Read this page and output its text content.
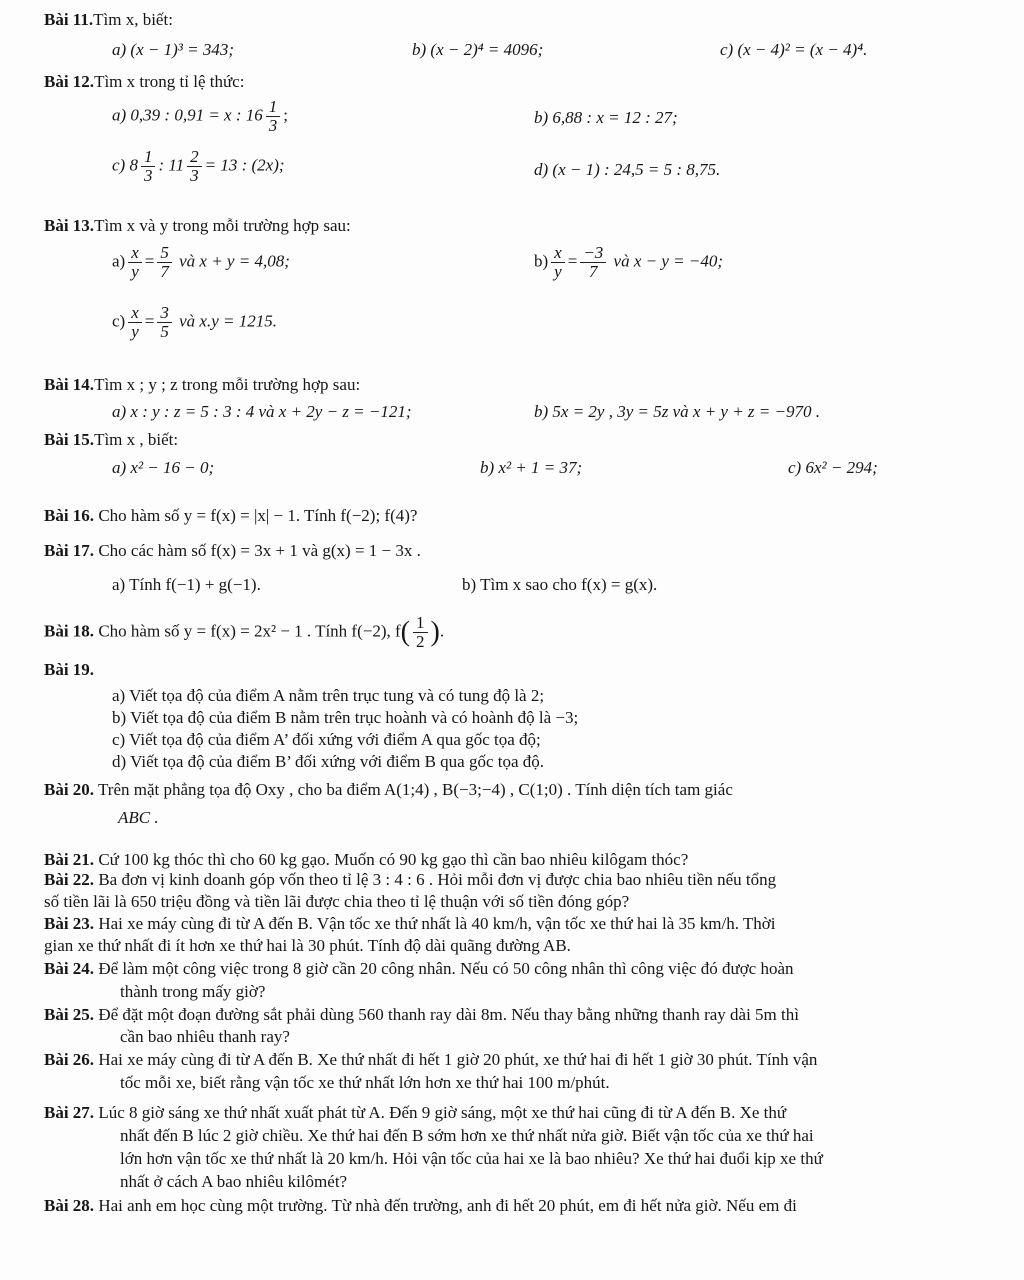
Bài 11.Tìm x, biết:
a) (x − 1)³ = 343;	b) (x − 2)⁴ = 4096;	c) (x − 4)² = (x − 4)⁴.
Bài 12.Tìm x trong tỉ lệ thức:
a) 0,39 : 0,91 = x : $16 \frac{1}{3}$ ;	b) 6,88 : x = 12 : 27;
c) $8 \frac{1}{3}$ : $11 \frac{2}{3} = 13$ : (2x);	d) (x − 1) : 24,5 = 5 : 8,75.
Bài 13.Tìm x và y trong mỗi trường hợp sau:
$a) \frac{x}{y} = \frac{5}{7}$ và x + y = 4,08;	$b) \frac{x}{y} = \frac{-3}{7}$ và x − y = −40;
$c) \frac{x}{y} = \frac{3}{5}$ và x.y = 1215.
Bài 14.Tìm x ; y ; z trong mỗi trường hợp sau:
a) x : y : z = 5 : 3 : 4 và x + 2y − z = −121;	b) 5x = 2y , 3y = 5z và x + y + z = −970 .
Bài 15.Tìm x , biết:
a) x² − 16 − 0;	b) x² + 1 = 37;	c) 6x² − 294;
Bài 16. Cho hàm số y = f(x) = |x| − 1. Tính f(−2); f(4)?
Bài 17. Cho các hàm số f(x) = 3x + 1 và g(x) = 1 − 3x .
a) Tính f(−1) + g(−1).	b) Tìm x sao cho f(x) = g(x).
Bài 18. Cho hàm số y = f(x) = 2x² − 1 . Tính f(−2), $f( \frac{1}{2}$ ).
Bài 19.
a) Viết tọa độ của điểm A nằm trên trục tung và có tung độ là 2;
b) Viết tọa độ của điểm B nằm trên trục hoành và có hoành độ là −3;
c) Viết tọa độ của điểm A’ đối xứng với điểm A qua gốc tọa độ;
d) Viết tọa độ của điểm B’ đối xứng với điểm B qua gốc tọa độ.
Bài 20. Trên mặt phẳng tọa độ Oxy , cho ba điểm A(1;4) , B(−3;−4) , C(1;0) . Tính diện tích tam giác
ABC .
Bài 21. Cứ 100 kg thóc thì cho 60 kg gạo. Muốn có 90 kg gạo thì cần bao nhiêu kilôgam thóc?
Bài 22. Ba đơn vị kinh doanh góp vốn theo tỉ lệ 3 : 4 : 6 . Hỏi mỗi đơn vị được chia bao nhiêu tiền nếu tổng
số tiền lãi là 650 triệu đồng và tiền lãi được chia theo tỉ lệ thuận với số tiền đóng góp?
Bài 23. Hai xe máy cùng đi từ A đến B. Vận tốc xe thứ nhất là 40 km/h, vận tốc xe thứ hai là 35 km/h. Thời
gian xe thứ nhất đi ít hơn xe thứ hai là 30 phút. Tính độ dài quãng đường AB.
Bài 24. Để làm một công việc trong 8 giờ cần 20 công nhân. Nếu có 50 công nhân thì công việc đó được hoàn
thành trong mấy giờ?
Bài 25. Để đặt một đoạn đường sắt phải dùng 560 thanh ray dài 8m. Nếu thay bằng những thanh ray dài 5m thì
cần bao nhiêu thanh ray?
Bài 26. Hai xe máy cùng đi từ A đến B. Xe thứ nhất đi hết 1 giờ 20 phút, xe thứ hai đi hết 1 giờ 30 phút. Tính vận
tốc mỗi xe, biết rằng vận tốc xe thứ nhất lớn hơn xe thứ hai 100 m/phút.
Bài 27. Lúc 8 giờ sáng xe thứ nhất xuất phát từ A. Đến 9 giờ sáng, một xe thứ hai cũng đi từ A đến B. Xe thứ
nhất đến B lúc 2 giờ chiều. Xe thứ hai đến B sớm hơn xe thứ nhất nửa giờ. Biết vận tốc của xe thứ hai
lớn hơn vận tốc xe thứ nhất là 20 km/h. Hỏi vận tốc của hai xe là bao nhiêu? Xe thứ hai đuổi kịp xe thứ
nhất ở cách A bao nhiêu kilômét?
Bài 28. Hai anh em học cùng một trường. Từ nhà đến trường, anh đi hết 20 phút, em đi hết nửa giờ. Nếu em đi
